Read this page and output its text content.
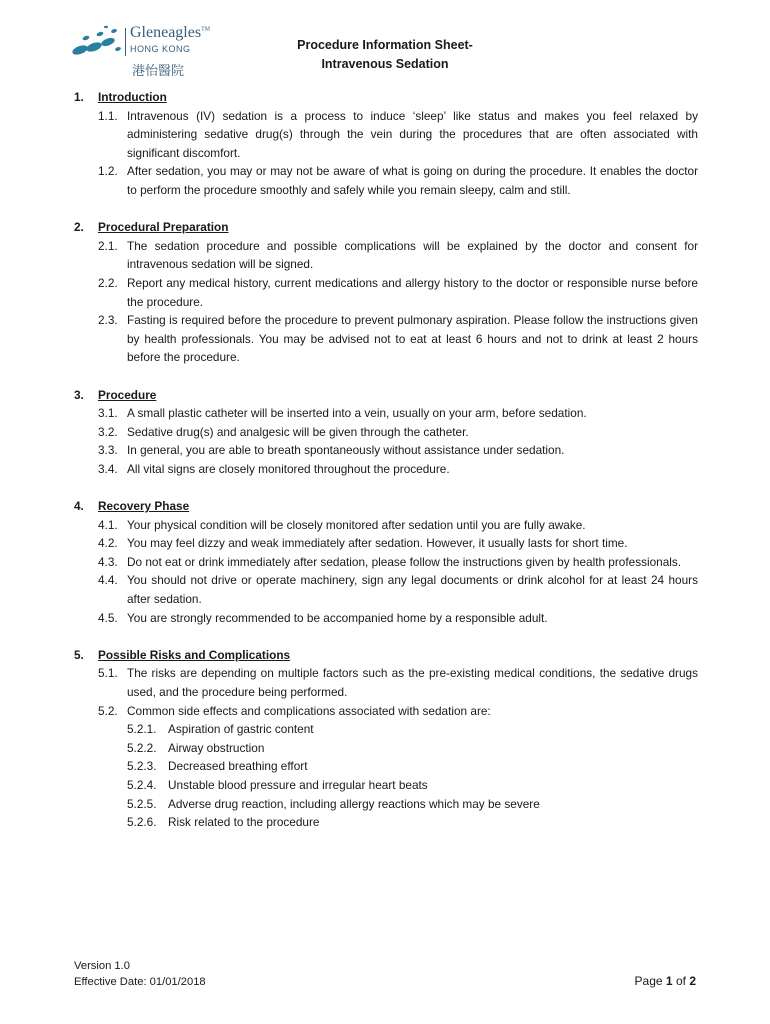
Gleneagles™
HONG KONG
港怡醫院
Procedure Information Sheet-
Intravenous Sedation
1.	Introduction
1.1. Intravenous (IV) sedation is a process to induce ‘sleep’ like status and makes you feel relaxed by administering sedative drug(s) through the vein during the procedures that are often associated with significant discomfort.
1.2. After sedation, you may or may not be aware of what is going on during the procedure. It enables the doctor to perform the procedure smoothly and safely while you remain sleepy, calm and still.
2.	Procedural Preparation
2.1. The sedation procedure and possible complications will be explained by the doctor and consent for intravenous sedation will be signed.
2.2. Report any medical history, current medications and allergy history to the doctor or responsible nurse before the procedure.
2.3. Fasting is required before the procedure to prevent pulmonary aspiration. Please follow the instructions given by health professionals. You may be advised not to eat at least 6 hours and not to drink at least 2 hours before the procedure.
3.	Procedure
3.1. A small plastic catheter will be inserted into a vein, usually on your arm, before sedation.
3.2. Sedative drug(s) and analgesic will be given through the catheter.
3.3. In general, you are able to breath spontaneously without assistance under sedation.
3.4. All vital signs are closely monitored throughout the procedure.
4.	Recovery Phase
4.1. Your physical condition will be closely monitored after sedation until you are fully awake.
4.2. You may feel dizzy and weak immediately after sedation. However, it usually lasts for short time.
4.3. Do not eat or drink immediately after sedation, please follow the instructions given by health professionals.
4.4. You should not drive or operate machinery, sign any legal documents or drink alcohol for at least 24 hours after sedation.
4.5. You are strongly recommended to be accompanied home by a responsible adult.
5.	Possible Risks and Complications
5.1. The risks are depending on multiple factors such as the pre-existing medical conditions, the sedative drugs used, and the procedure being performed.
5.2. Common side effects and complications associated with sedation are:
5.2.1. Aspiration of gastric content
5.2.2. Airway obstruction
5.2.3. Decreased breathing effort
5.2.4. Unstable blood pressure and irregular heart beats
5.2.5. Adverse drug reaction, including allergy reactions which may be severe
5.2.6. Risk related to the procedure
Version 1.0
Effective Date: 01/01/2018	Page 1 of 2
